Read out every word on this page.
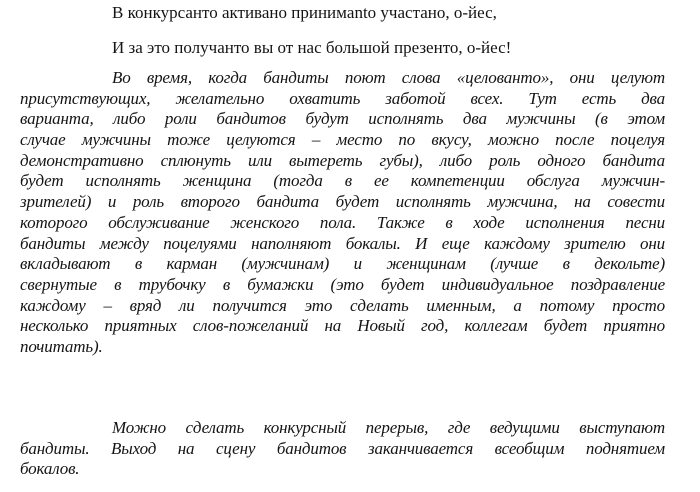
В конкурсанто активано принимanto участано, о-йес,
И за это получанто вы от нас большой презенто, о-йес!
Во время, когда бандиты поют слова «целованто», они целуют
присутствующих, желательно охватить заботой всех. Тут есть два
варианта, либо роли бандитов будут исполнять два мужчины (в этом
случае мужчины тоже целуются – место по вкусу, можно после поцелуя
демонстративно сплюнуть или вытереть губы), либо роль одного бандита
будет исполнять женщина (тогда в ее компетенции обслуга мужчин-
зрителей) и роль второго бандита будет исполнять мужчина, на совести
которого обслуживание женского пола. Также в ходе исполнения песни
бандиты между поцелуями наполняют бокалы. И еще каждому зрителю они
вкладывают в карман (мужчинам) и женщинам (лучше в декольте)
свернутые в трубочку в бумажки (это будет индивидуальное поздравление
каждому – вряд ли получится это сделать именным, а потому просто
несколько приятных слов-пожеланий на Новый год, коллегам будет приятно
почитать).
Можно сделать конкурсный перерыв, где ведущими выступают
бандиты. Выход на сцену бандитов заканчивается всеобщим поднятием
бокалов.
